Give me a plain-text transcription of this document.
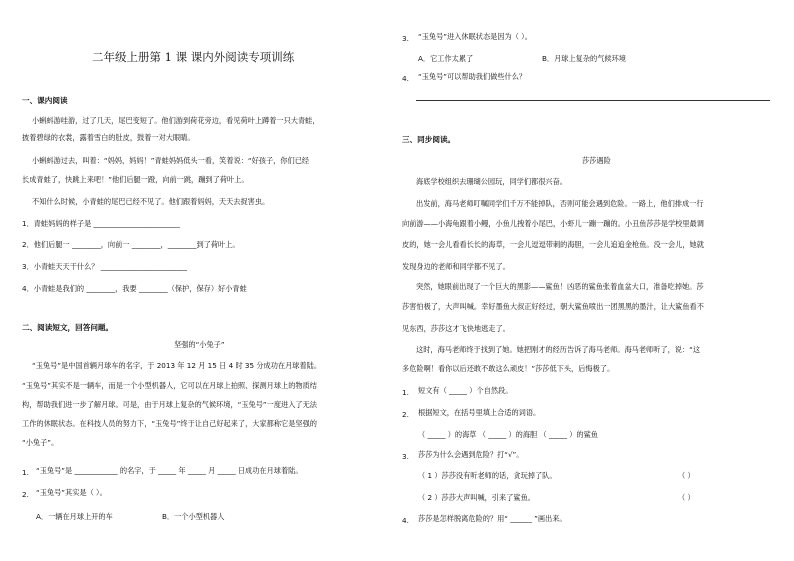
二年级上册第 1 课 课内外阅读专项训练
一、课内阅读
小蝌蚪游哇游，过了几天，尾巴变短了。他们游到荷花旁边，看见荷叶上蹲着一只大青蛙，
披着碧绿的衣裳，露着雪白的肚皮，鼓着一对大眼睛。
小蝌蚪游过去，叫着：“妈妈，妈妈！”青蛙妈妈低头一看，笑着说：“好孩子，你们已经
长成青蛙了，快跳上来吧！”他们后腿一蹬，向前一跳，蹦到了荷叶上。
不知什么时候，小青蛙的尾巴已经不见了。他们跟着妈妈，天天去捉害虫。
1．青蛙妈妈的样子是 ________________________
2．他们后腿一 ________，向前一 ________，________到了荷叶上。
3．小青蛙天天干什么？ ________________________
4．小青蛙是我们的 ________，我要 ________（保护，保存）好小青蛙
二、阅读短文，回答问题。
坚强的“小兔子”
“玉兔号”是中国首辆月球车的名字，于 2013 年 12 月 15 日 4 时 35 分成功在月球着陆。
“玉兔号”其实不是一辆车，而是一个小型机器人，它可以在月球上拍照、探测月球上的物质结
构，帮助我们进一步了解月球。可是，由于月球上复杂的气候环境，“玉兔号”一度进入了无法
工作的休眠状态。在科技人员的努力下，“玉兔号”终于让自己好起来了，大家都称它是坚强的
“小兔子”。
1. “玉兔号”是 ____________ 的名字，于 _____ 年 _____ 月 _____ 日成功在月球着陆。
2. “玉兔号”其实是（ ）。
A．一辆在月球上开的车	B．一个小型机器人
3. “玉兔号”进入休眠状态是因为（ ）。
A．它工作太累了	B．月球上复杂的气候环境
4. “玉兔号”可以帮助我们做些什么？
三、同步阅读。
莎莎遇险
海底学校组织去珊瑚公园玩，同学们都很兴奋。
出发前，海马老师叮嘱同学们千万不能掉队，否则可能会遇到危险。一路上，他们排成一行
向前游——小海龟跟着小鳗，小鱼儿拽着小尾巴，小虾儿一蹦一蹦的。小丑鱼莎莎是学校里最调
皮的，她一会儿看看长长的海草，一会儿逗逗带刺的海胆，一会儿追追金枪鱼。没一会儿，她就
发现身边的老师和同学都不见了。
突然，她眼前出现了一个巨大的黑影——鲨鱼！凶恶的鲨鱼张着血盆大口，准备吃掉她。莎
莎害怕极了，大声叫喊。幸好墨鱼大叔正好经过，朝大鲨鱼喷出一团黑黑的墨汁，让大鲨鱼看不
见东西，莎莎这才飞快地逃走了。
这时，海马老师终于找到了她。她把刚才的经历告诉了海马老师。海马老师听了，说：“这
多危险啊！看你以后还敢不敢这么顽皮！”莎莎低下头，后悔极了。
1. 短文有（ _____ ）个自然段。
2. 根据短文，在括号里填上合适的词语。
（ _____ ）的海草 （ _____ ）的海胆 （ _____ ）的鲨鱼
3. 莎莎为什么会遇到危险？打“√”。
（ 1 ）莎莎没有听老师的话，贪玩掉了队。	（ ）
（ 2 ）莎莎大声叫喊，引来了鲨鱼。	（ ）
4. 莎莎是怎样脱离危险的？用“ ______ ”画出来。
